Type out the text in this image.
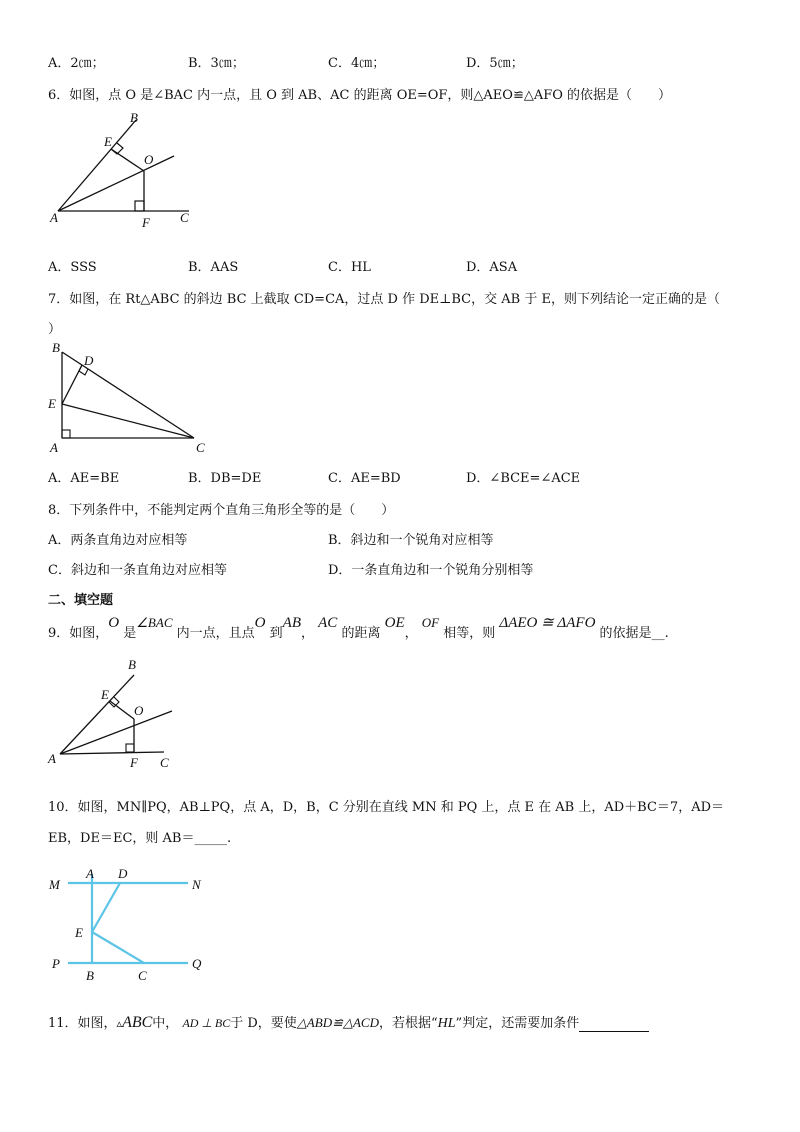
A．2㎝；	B．3㎝；	C．4㎝；	D．5㎝；
6．如图，点 O 是∠BAC 内一点，且 O 到 AB、AC 的距离 OE=OF，则△AEO≌△AFO 的依据是（　　）
A
B
C
E
F
O
A．SSS	B．AAS	C．HL	D．ASA
7．如图，在 Rt△ABC 的斜边 BC 上截取 CD=CA，过点 D 作 DE⊥BC，交 AB 于 E，则下列结论一定正确的是（
）
B
D
E
A	C
A．AE=BE	B．DB=DE	C．AE=BD	D．∠BCE=∠ACE
8．下列条件中，不能判定两个直角三角形全等的是（　　）
A．两条直角边对应相等	B．斜边和一个锐角对应相等
C．斜边和一条直角边对应相等	D．一条直角边和一个锐角分别相等
二、填空题
9．如图，O 是∠BAC 内一点，且点O 到AB， AC 的距离 OE， OF 相等，则 ΔAEO ≅ ΔAFO 的依据是__.
A
B
C
E
F
O
10．如图，MN∥PQ，AB⊥PQ，点 A，D，B，C 分别在直线 MN 和 PQ 上，点 E 在 AB 上，AD＋BC＝7，AD＝
EB，DE＝EC，则 AB＝_____.
M
A D
N
E
P
B	C
Q
11．如图，▵ABC中， AD ⊥ BC于 D，要使△ABD≌△ACD，若根据“HL”判定，还需要加条件
